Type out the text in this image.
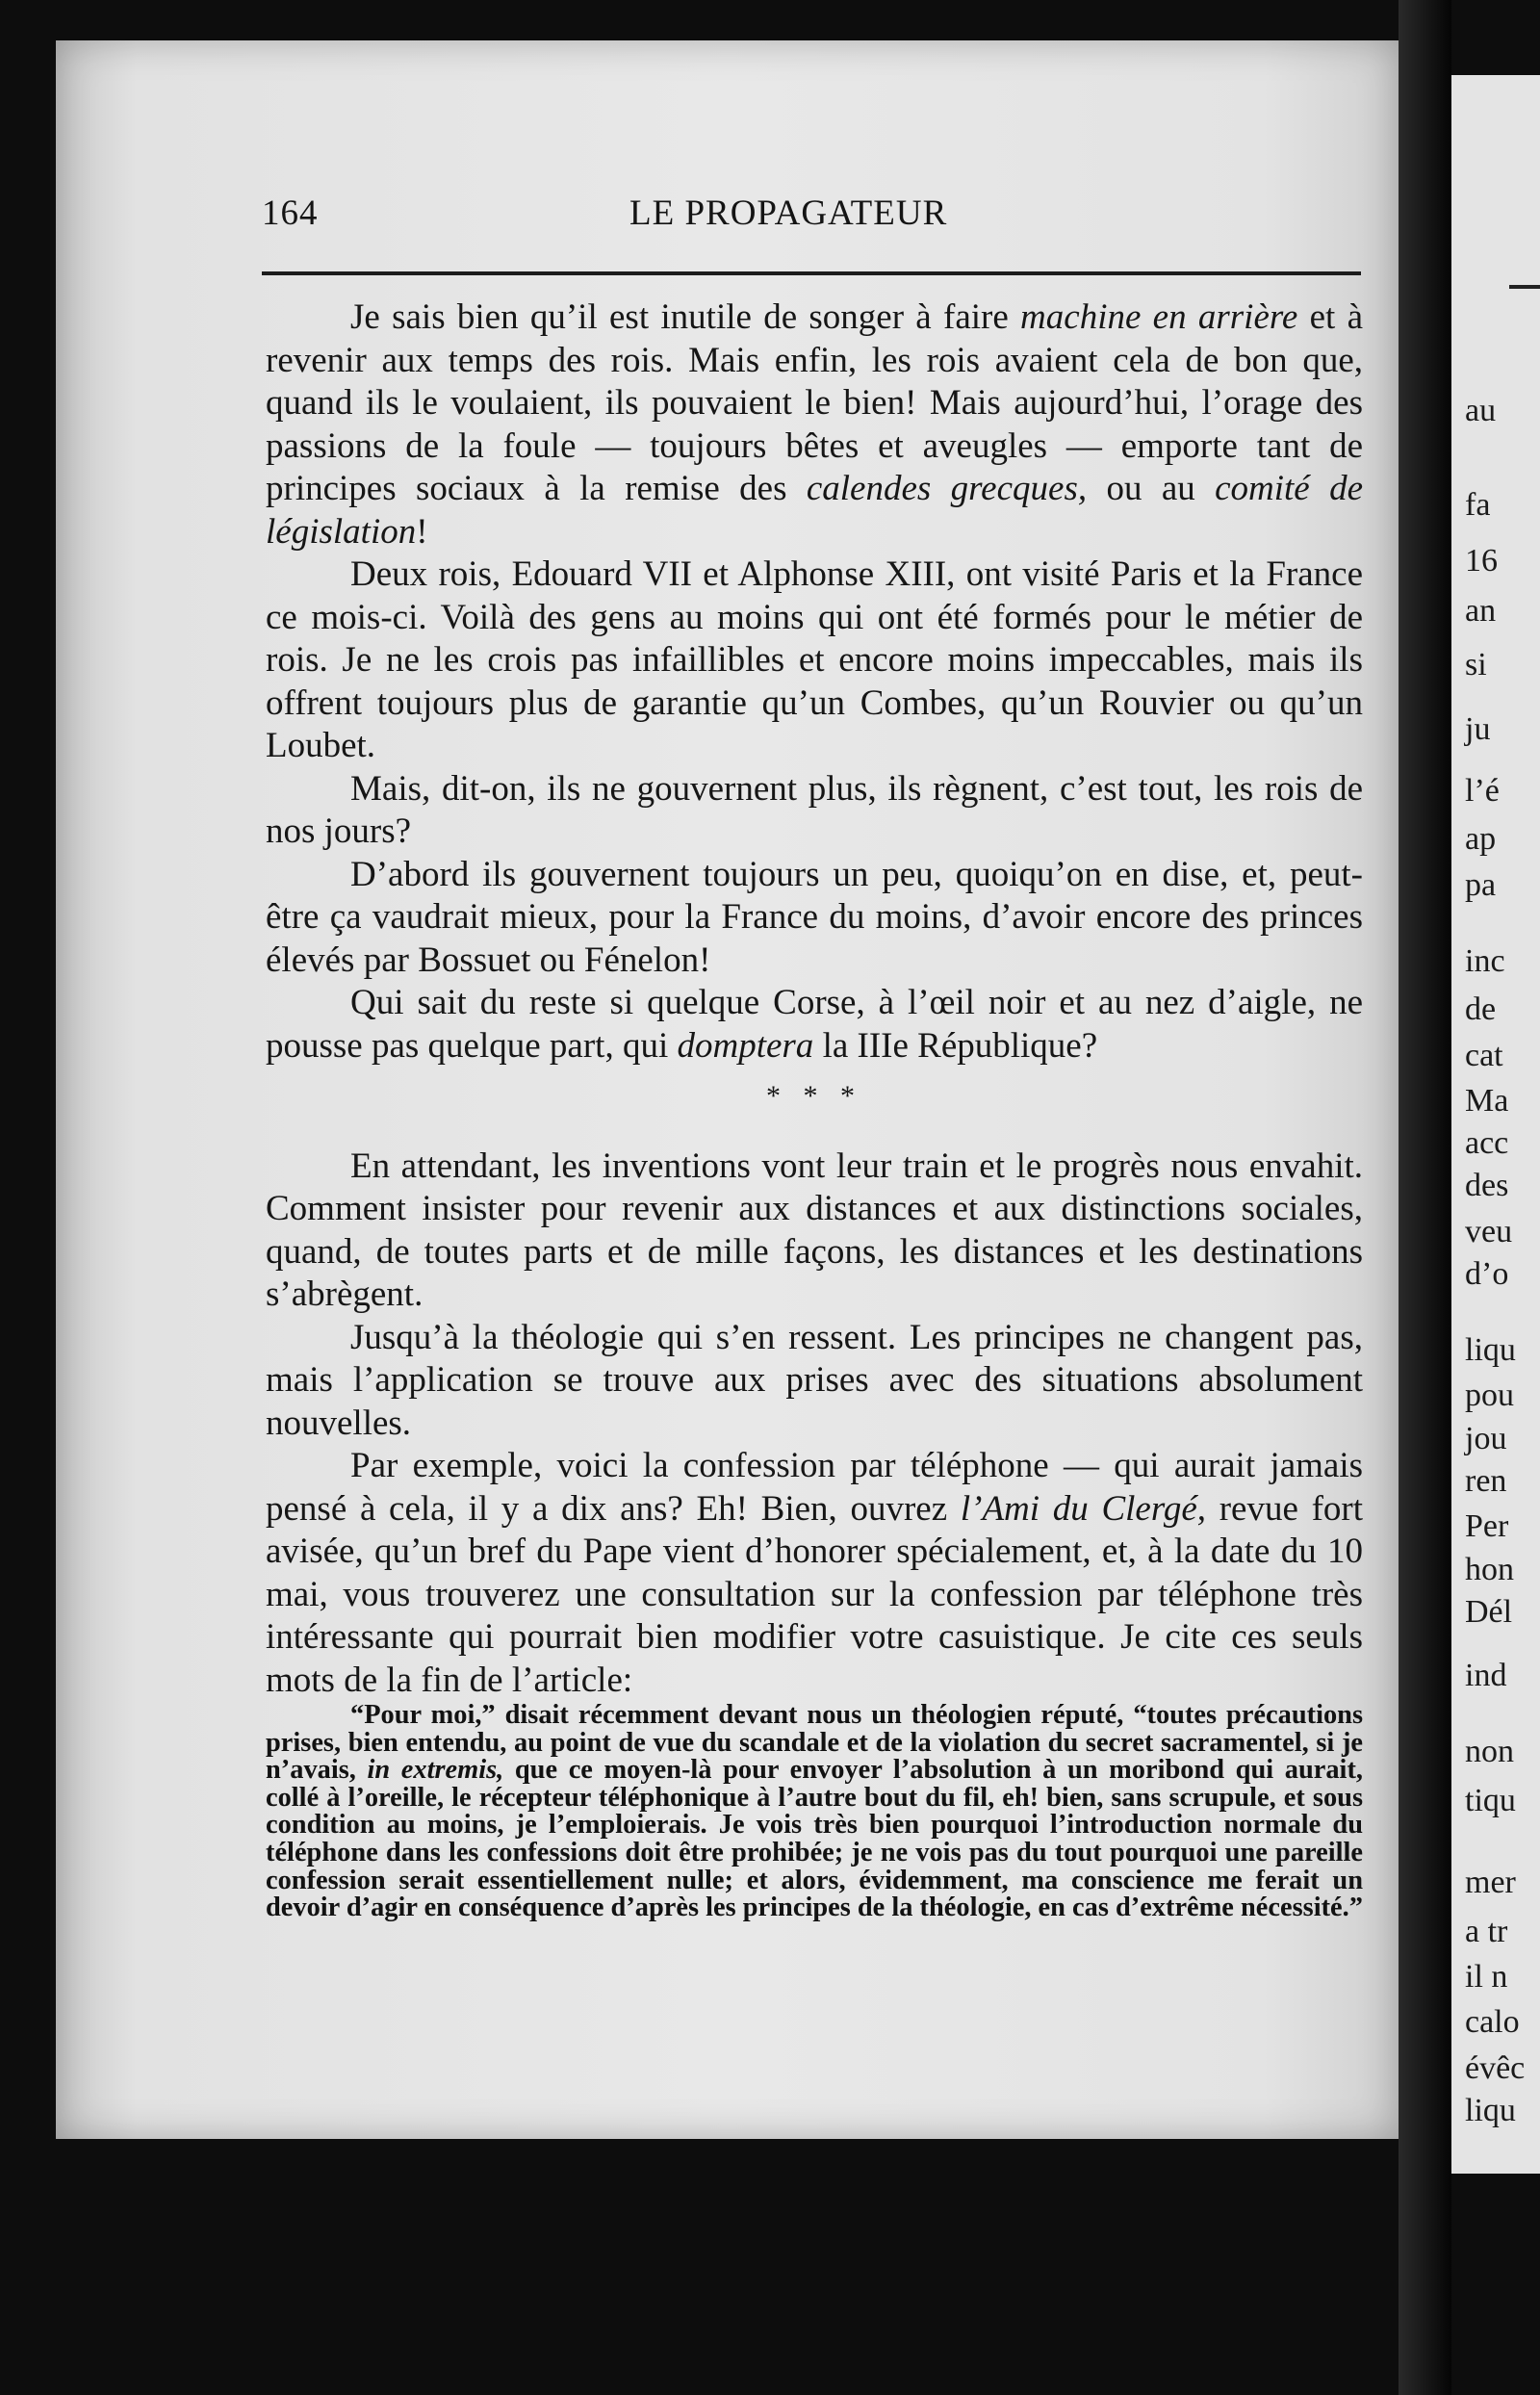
au
fa
16
an
si
ju
l’é
ap
pa
inc
de
cat
Ma
acc
des
veu
d’o
liqu
pou
jou
ren
Per
hon
Dél
ind
non
tiqu
mer
a tr
il n
calo
évêc
liqu
164	LE PROPAGATEUR

Je sais bien qu’il est inutile de songer à faire machine en arrière et à revenir aux temps des rois. Mais enfin, les rois avaient cela de bon que, quand ils le voulaient, ils pouvaient le bien! Mais aujourd’hui, l’orage des passions de la foule — toujours bêtes et aveugles — emporte tant de principes sociaux à la remise des calendes grecques, ou au comité de législation!

Deux rois, Edouard VII et Alphonse XIII, ont visité Paris et la France ce mois-ci. Voilà des gens au moins qui ont été formés pour le métier de rois. Je ne les crois pas infaillibles et encore moins impeccables, mais ils offrent toujours plus de garantie qu’un Combes, qu’un Rouvier ou qu’un Loubet.

Mais, dit-on, ils ne gouvernent plus, ils règnent, c’est tout, les rois de nos jours?

D’abord ils gouvernent toujours un peu, quoiqu’on en dise, et, peut-être ça vaudrait mieux, pour la France du moins, d’avoir encore des princes élevés par Bossuet ou Fénelon!

Qui sait du reste si quelque Corse, à l’œil noir et au nez d’aigle, ne pousse pas quelque part, qui domptera la IIIe République?

* * *

En attendant, les inventions vont leur train et le progrès nous envahit. Comment insister pour revenir aux distances et aux distinctions sociales, quand, de toutes parts et de mille façons, les distances et les destinations s’abrègent.

Jusqu’à la théologie qui s’en ressent. Les principes ne changent pas, mais l’application se trouve aux prises avec des situations absolument nouvelles.

Par exemple, voici la confession par téléphone — qui aurait jamais pensé à cela, il y a dix ans? Eh! Bien, ouvrez l’Ami du Clergé, revue fort avisée, qu’un bref du Pape vient d’honorer spécialement, et, à la date du 10 mai, vous trouverez une consultation sur la confession par téléphone très intéressante qui pourrait bien modifier votre casuistique. Je cite ces seuls mots de la fin de l’article:

“Pour moi,” disait récemment devant nous un théologien réputé, “toutes précautions prises, bien entendu, au point de vue du scandale et de la violation du secret sacramentel, si je n’avais, in extremis, que ce moyen-là pour envoyer l’absolution à un moribond qui aurait, collé à l’oreille, le récepteur téléphonique à l’autre bout du fil, eh! bien, sans scrupule, et sous condition au moins, je l’emploierais. Je vois très bien pourquoi l’introduction normale du téléphone dans les confessions doit être prohibée; je ne vois pas du tout pourquoi une pareille confession serait essentiellement nulle; et alors, évidemment, ma conscience me ferait un devoir d’agir en conséquence d’après les principes de la théologie, en cas d’extrême nécessité.”
